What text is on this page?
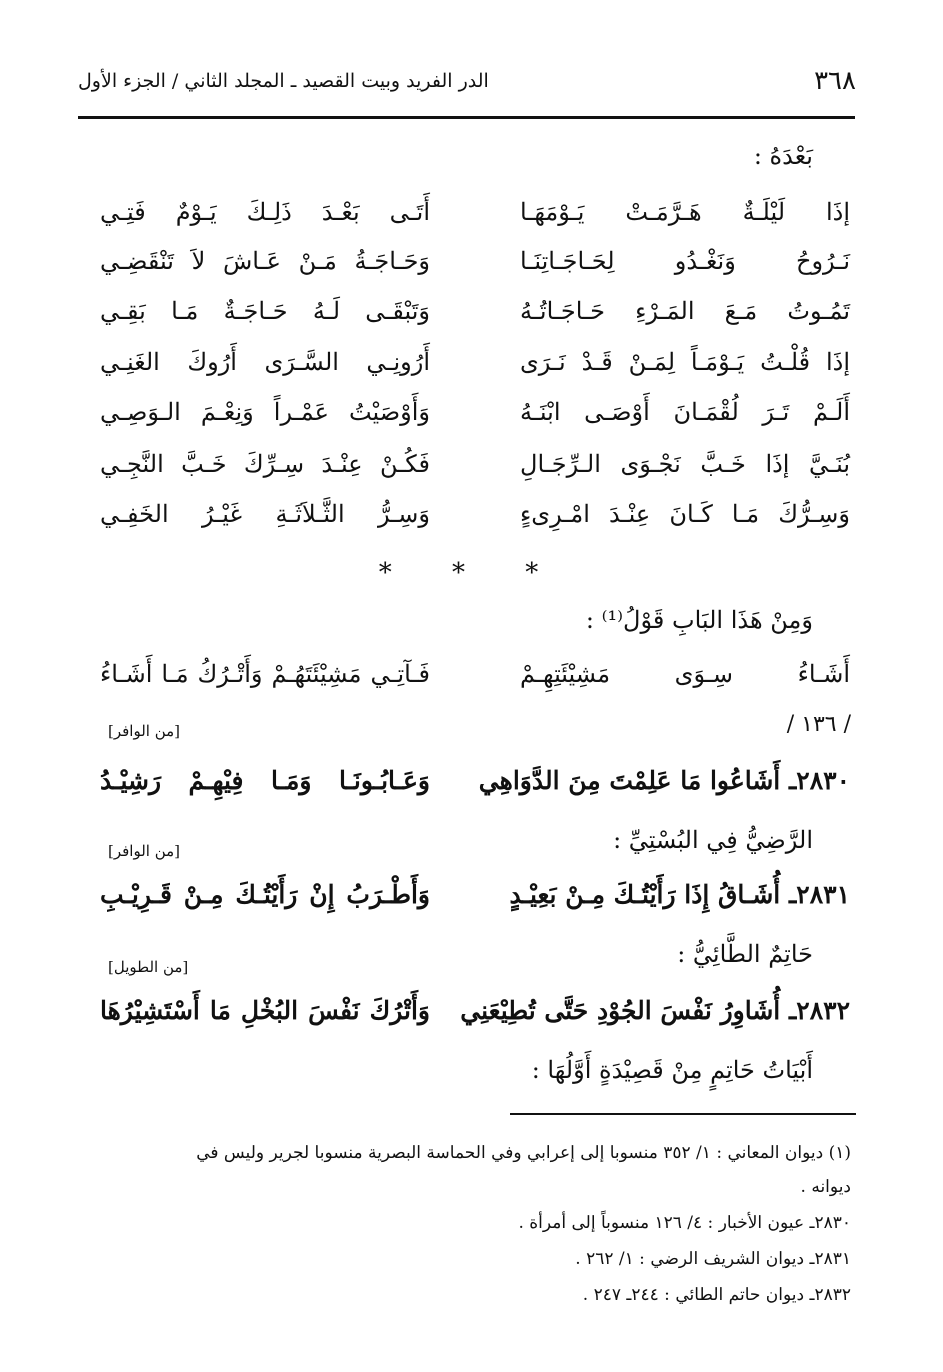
٣٦٨
الدر الفريد وبيت القصيد ـ المجلد الثاني / الجزء الأول
بَعْدَهُ :
إذَا لَيْلَـةٌ هَـرَّمَـتْ يَـوْمَهَـا
أَتَـى بَعْـدَ ذَلِـكَ يَـوْمٌ فَتِـي
نَـرُوحُ وَنَغْـدُو لِحَـاجَـاتِنَـا
وَحَـاجَـةُ مَـنْ عَـاشَ لاَ تَنْقَضِـي
تَمُـوتُ مَـعَ المَـرْءِ حَـاجَـاتُـهُ
وَتَبْقَـى لَـهُ حَـاجَـةٌ مَـا بَقِـي
إذَا قُلْـتُ يَـوْمَـاً لِمَـنْ قَـدْ نَـرَى
أَرُونِـي السَّـرَى أَرُوكَ الغَنِـي
أَلَـمْ تَـرَ لُقْمَـانَ أَوْصَـى ابْنَـهُ
وَأَوْصَيْتُ عَمْـراً وَنِعْـمَ الـوَصِـي
بُنَـيَّ إذَا خَـبَّ نَجْـوَى الـرِّجَـالِ
فَكُـنْ عِنْـدَ سِـرِّكَ خَـبَّ النَّجِـي
وَسِـرُّكَ مَـا كَـانَ عِنْـدَ امْـرِىءٍ
وَسِـرُّ الثَّـلاَثَـةِ غَيْـرُ الخَفِـي
* * *
وَمِنْ هَذَا البَابِ قَوْلُ⁽¹⁾ :
أَشَـاءُ سِـوَى مَشِيْئَتِهِـمْ
فَـآتِـي مَشِيْئَتَهُـمْ وَأَتْـرُكُ مَـا أَشَـاءُ
/ ١٣٦ /
[من الوافر]
٢٨٣٠ـ أَشَاعُوا مَا عَلِمْتَ مِنَ الدَّوَاهِي
وَعَـابُـونَـا وَمَـا فِيْهِـمْ رَشِيْـدُ
الرَّضِيُّ فِي البُسْتِيِّ :
[من الوافر]
٢٨٣١ـ أُشَـاقُ إِذَا رَأَيْتُـكَ مِـنْ بَعِيْـدٍ
وَأَطْـرَبُ إِنْ رَأَيْتُـكَ مِـنْ قَـرِيْـبِ
حَاتِمٌ الطَّائِيُّ :
[من الطويل]
٢٨٣٢ـ أُشَاوِرُ نَفْسَ الجُوْدِ حَتَّى تُطِيْعَنِي
وَأَتْرُكَ نَفْسَ البُخْلِ مَا أَسْتَشِيْرُهَا
أَبْيَاتُ حَاتِمٍ مِنْ قَصِيْدَةٍ أَوَّلُهَا :
(١) ديوان المعاني : ١/ ٣٥٢ منسوبا إلى إعرابي وفي الحماسة البصرية منسوبا لجرير وليس في
ديوانه .
٢٨٣٠ـ عيون الأخبار : ٤/ ١٢٦ منسوباً إلى أمرأة .
٢٨٣١ـ ديوان الشريف الرضي : ١/ ٢٦٢ .
٢٨٣٢ـ ديوان حاتم الطائي : ٢٤٤ـ ٢٤٧ .
